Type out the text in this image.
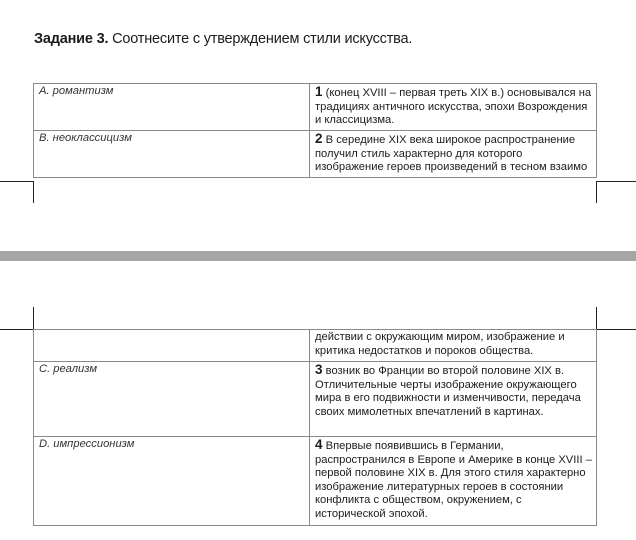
Задание 3. Соотнесите с утверждением стили искусства.
A. романтизм	1 (конец XVIII – первая треть XIX в.) основывался на традициях античного искусства, эпохи Возрождения и классицизма.
B. неоклассицизм	2 В середине XIX века широкое распространение получил стиль характерно для которого изображение героев произведений в тесном взаимо
	действии с окружающим миром, изображение и критика недостатков и пороков общества.
C. реализм	3 возник во Франции во второй половине XIX в. Отличительные черты изображение окружающего мира в его подвижности и изменчивости, передача своих мимолетных впечатлений в картинах.
D. импрессионизм	4 Впервые появившись в Германии, распространился в Европе и Америке в конце XVIII – первой половине XIX в. Для этого стиля характерно изображение литературных героев в состоянии конфликта с обществом, окружением, с исторической эпохой.
